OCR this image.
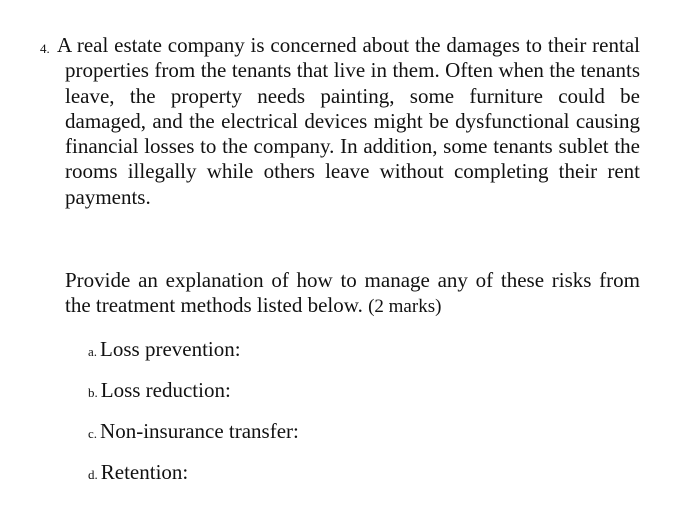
4. A real estate company is concerned about the damages to their rental properties from the tenants that live in them. Often when the tenants leave, the property needs painting, some furniture could be damaged, and the electrical devices might be dysfunctional causing financial losses to the company. In addition, some tenants sublet the rooms illegally while others leave without completing their rent payments.

Provide an explanation of how to manage any of these risks from the treatment methods listed below. (2 marks)

a. Loss prevention:
b. Loss reduction:
c. Non-insurance transfer:
d. Retention:
